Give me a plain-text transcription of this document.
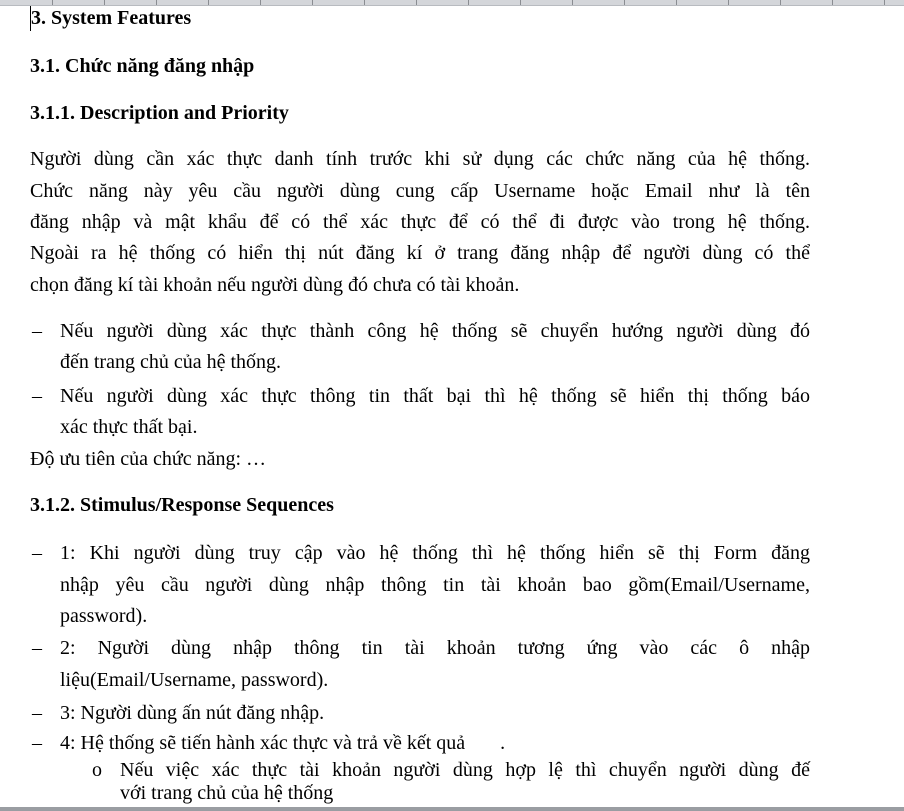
3. System Features
3.1. Chức năng đăng nhập
3.1.1. Description and Priority
Người dùng cần xác thực danh tính trước khi sử dụng các chức năng của hệ thống.
Chức năng này yêu cầu người dùng cung cấp Username hoặc Email như là tên
đăng nhập và mật khẩu để có thể xác thực để có thể đi được vào trong hệ thống.
Ngoài ra hệ thống có hiển thị nút đăng kí ở trang đăng nhập để người dùng có thể
chọn đăng kí tài khoản nếu người dùng đó chưa có tài khoản.
– Nếu người dùng xác thực thành công hệ thống sẽ chuyển hướng người dùng đó
đến trang chủ của hệ thống.
– Nếu người dùng xác thực thông tin thất bại thì hệ thống sẽ hiển thị thống báo
xác thực thất bại.
Độ ưu tiên của chức năng: …
3.1.2. Stimulus/Response Sequences
– 1: Khi người dùng truy cập vào hệ thống thì hệ thống hiển sẽ thị Form đăng
nhập yêu cầu người dùng nhập thông tin tài khoản bao gồm(Email/Username,
password).
– 2: Người dùng nhập thông tin tài khoản tương ứng vào các ô nhập
liệu(Email/Username, password).
– 3: Người dùng ấn nút đăng nhập.
– 4: Hệ thống sẽ tiến hành xác thực và trả về kết quả       .
o Nếu việc xác thực tài khoản người dùng hợp lệ thì chuyển người dùng đế
với trang chủ của hệ thống
